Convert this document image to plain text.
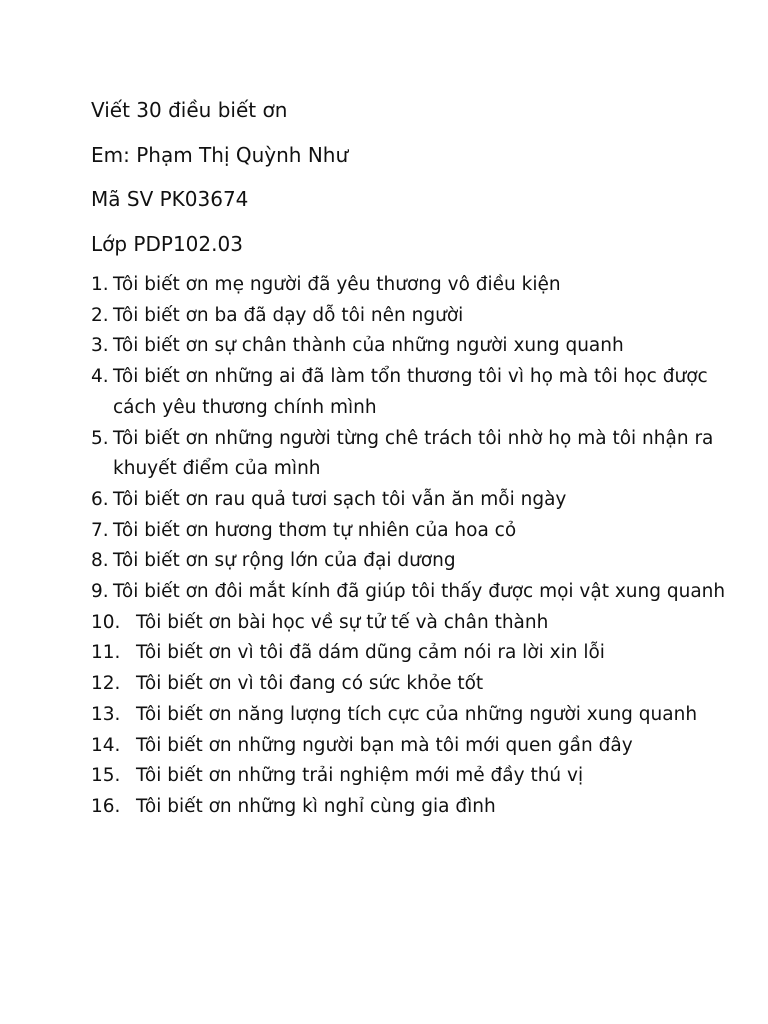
Viết 30 điều biết ơn
Em: Phạm Thị Quỳnh Như
Mã SV PK03674
Lớp PDP102.03
1. Tôi biết ơn mẹ người đã yêu thương vô điều kiện
2. Tôi biết ơn ba đã dạy dỗ tôi nên người
3. Tôi biết ơn sự chân thành của những người xung quanh
4. Tôi biết ơn những ai đã làm tổn thương tôi vì họ mà tôi học được cách yêu thương chính mình
5. Tôi biết ơn những người từng chê trách tôi nhờ họ mà tôi nhận ra khuyết điểm của mình
6. Tôi biết ơn rau quả tươi sạch tôi vẫn ăn mỗi ngày
7. Tôi biết ơn hương thơm tự nhiên của hoa cỏ
8. Tôi biết ơn sự rộng lớn của đại dương
9. Tôi biết ơn đôi mắt kính đã giúp tôi thấy được mọi vật xung quanh
10. Tôi biết ơn bài học về sự tử tế và chân thành
11. Tôi biết ơn vì tôi đã dám dũng cảm nói ra lời xin lỗi
12. Tôi biết ơn vì tôi đang có sức khỏe tốt
13. Tôi biết ơn năng lượng tích cực của những người xung quanh
14. Tôi biết ơn những người bạn mà tôi mới quen gần đây
15. Tôi biết ơn những trải nghiệm mới mẻ đầy thú vị
16. Tôi biết ơn những kì nghỉ cùng gia đình
